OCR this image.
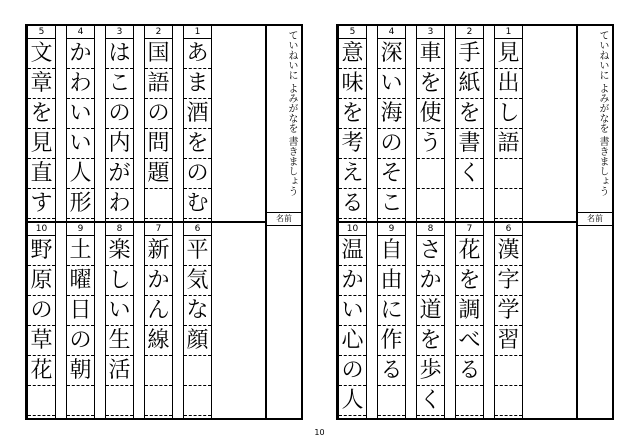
5
文
章
を
見
直
す
4
か
わ
い
い
人
形
3
は
こ
の
内
が
わ
2
国
語
の
問
題
1
あ
ま
酒
を
の
む
10
野
原
の
草
花
9
土
曜
日
の
朝
8
楽
し
い
生
活
7
新
か
ん
線
6
平
気
な
顔
ていねいに よみがなを 書きましょう
名前
5
意
味
を
考
え
る
4
深
い
海
の
そ
こ
3
車
を
使
う
2
手
紙
を
書
く
1
見
出
し
語
10
温
か
い
心
の
人
9
自
由
に
作
る
8
さ
か
道
を
歩
く
7
花
を
調
べ
る
6
漢
字
学
習
ていねいに よみがなを 書きましょう
名前
10
